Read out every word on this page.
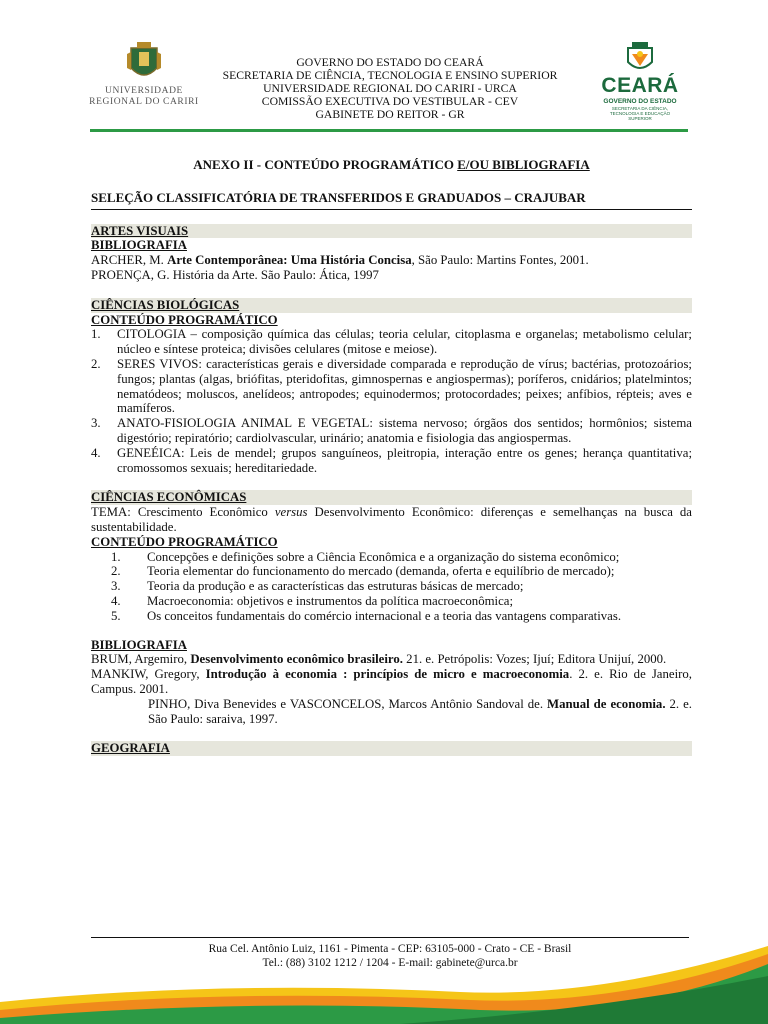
UNIVERSIDADE
REGIONAL DO CARIRI
GOVERNO DO ESTADO DO CEARÁ
SECRETARIA DE CIÊNCIA, TECNOLOGIA E ENSINO SUPERIOR
UNIVERSIDADE REGIONAL DO CARIRI - URCA
COMISSÃO EXECUTIVA DO VESTIBULAR - CEV
GABINETE DO REITOR - GR
CEARÁ
GOVERNO DO ESTADO
SECRETARIA DA CIÊNCIA, TECNOLOGIA E EDUCAÇÃO SUPERIOR
ANEXO II - CONTEÚDO PROGRAMÁTICO E/OU BIBLIOGRAFIA
SELEÇÃO CLASSIFICATÓRIA DE TRANSFERIDOS E GRADUADOS – CRAJUBAR
ARTES VISUAIS
BIBLIOGRAFIA

ARCHER, M. Arte Contemporânea: Uma História Concisa, São Paulo: Martins Fontes, 2001.

PROENÇA, G. História da Arte. São Paulo: Ática, 1997

CIÊNCIAS BIOLÓGICAS
CONTEÚDO PROGRAMÁTICO
1. CITOLOGIA – composição química das células; teoria celular, citoplasma e organelas; metabolismo celular; núcleo e síntese proteica; divisões celulares (mitose e meiose).
2. SERES VIVOS: características gerais e diversidade comparada e reprodução de vírus; bactérias, protozoários; fungos; plantas (algas, briófitas, pteridofitas, gimnospernas e angiospermas); poríferos, cnidários; platelmintos; nematódeos; moluscos, anelídeos; antropodes; equinodermos; protocordades; peixes; anfíbios, répteis; aves e mamíferos.
3. ANATO-FISIOLOGIA ANIMAL E VEGETAL: sistema nervoso; órgãos dos sentidos; hormônios; sistema digestório; repiratório; cardiolvascular, urinário; anatomia e fisiologia das angiospermas.
4. GENEÉICA: Leis de mendel; grupos sanguíneos, pleitropia, interação entre os genes; herança quantitativa; cromossomos sexuais; hereditariedade.
CIÊNCIAS ECONÔMICAS

TEMA: Crescimento Econômico versus Desenvolvimento Econômico: diferenças e semelhanças na busca da sustentabilidade.

CONTEÚDO PROGRAMÁTICO
1. Concepções e definições sobre a Ciência Econômica e a organização do sistema econômico;
2. Teoria elementar do funcionamento do mercado (demanda, oferta e equilíbrio de mercado);
3. Teoria da produção e as características das estruturas básicas de mercado;
4. Macroeconomia: objetivos e instrumentos da política macroeconômica;
5. Os conceitos fundamentais do comércio internacional e a teoria das vantagens comparativas.
BIBLIOGRAFIA

BRUM, Argemiro, Desenvolvimento econômico brasileiro. 21. e. Petrópolis: Vozes; Ijuí; Editora Unijuí, 2000.

MANKIW, Gregory, Introdução à economia : princípios de micro e macroeconomia. 2. e. Rio de Janeiro, Campus. 2001.

PINHO, Diva Benevides e VASCONCELOS, Marcos Antônio Sandoval de. Manual de economia. 2. e. São Paulo: saraiva, 1997.

GEOGRAFIA
Rua Cel. Antônio Luiz, 1161 - Pimenta - CEP: 63105-000 - Crato - CE - Brasil
Tel.: (88) 3102 1212 / 1204 - E-mail: gabinete@urca.br
